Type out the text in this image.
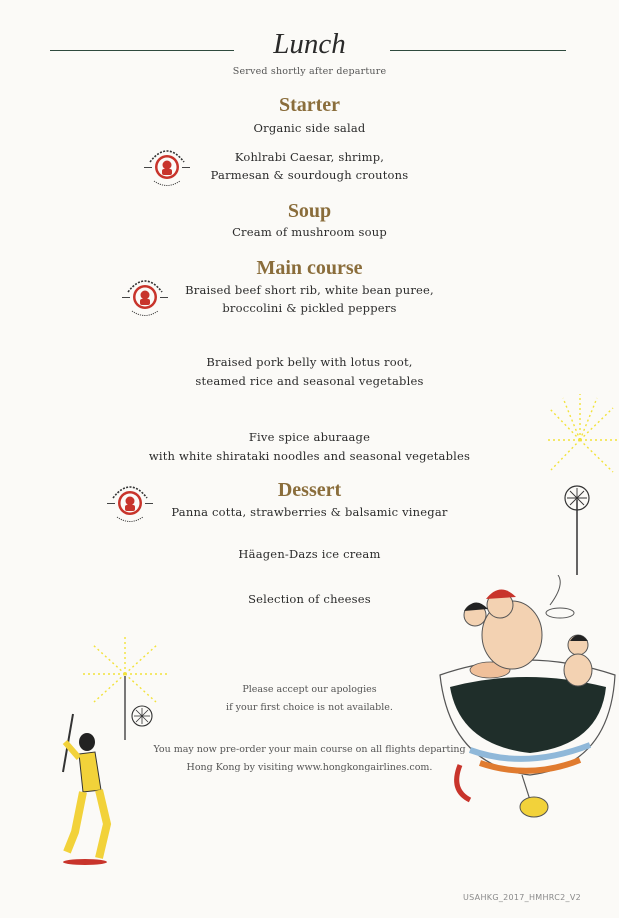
Lunch
Served shortly after departure
Starter
Organic side salad
Kohlrabi Caesar, shrimp,
Parmesan & sourdough croutons
Soup
Cream of mushroom soup
Main course
Braised beef short rib, white bean puree,
broccolini & pickled peppers
Braised pork belly with lotus root,
steamed rice and seasonal vegetables
Five spice aburaage
with white shirataki noodles and seasonal vegetables
Dessert
Panna cotta, strawberries & balsamic vinegar
Häagen-Dazs ice cream
Selection of cheeses
Please accept our apologies
if your first choice is not available.
You may now pre-order your main course on all flights departing
Hong Kong by visiting www.hongkongairlines.com.
USAHKG_2017_HMHRC2_V2
